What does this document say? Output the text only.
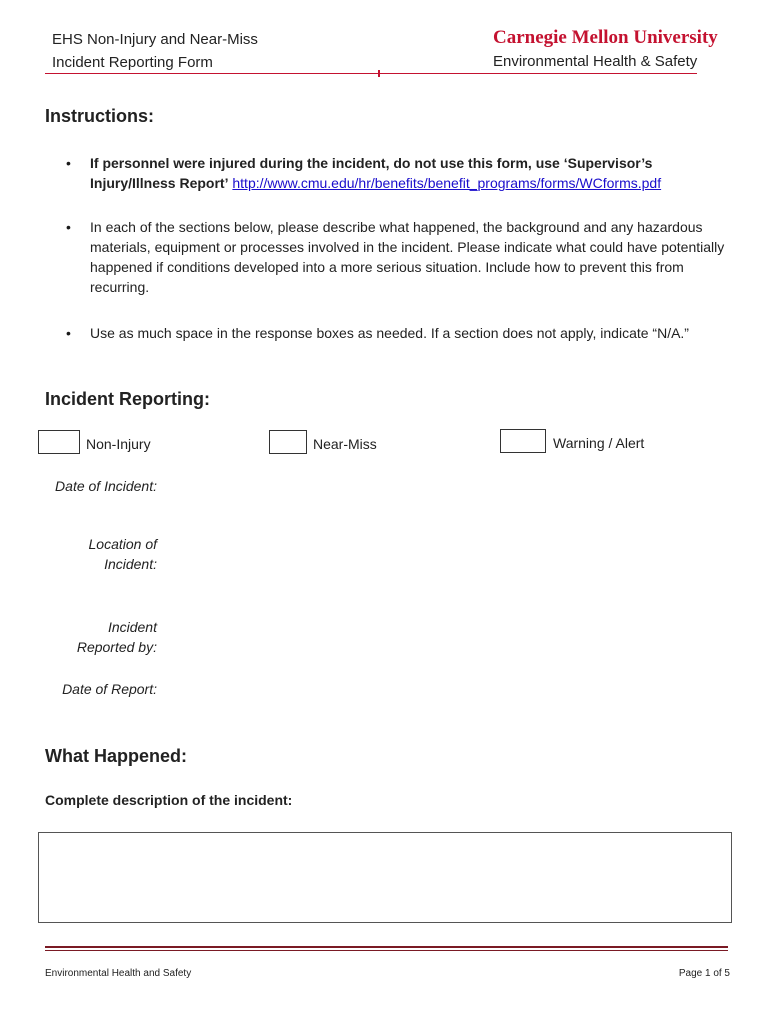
EHS Non-Injury and Near-Miss
Incident Reporting Form
Carnegie Mellon University
Environmental Health & Safety
Instructions:
• If personnel were injured during the incident, do not use this form, use ‘Supervisor’s Injury/Illness Report’ http://www.cmu.edu/hr/benefits/benefit_programs/forms/WCforms.pdf
• In each of the sections below, please describe what happened, the background and any hazardous materials, equipment or processes involved in the incident. Please indicate what could have potentially happened if conditions developed into a more serious situation. Include how to prevent this from recurring.
• Use as much space in the response boxes as needed. If a section does not apply, indicate “N/A.”
Incident Reporting:
Non-Injury	Near-Miss	Warning / Alert
Date of Incident:
Location of
Incident:
Incident
Reported by:
Date of Report:
What Happened:
Complete description of the incident:
Environmental Health and Safety	Page 1 of 5
